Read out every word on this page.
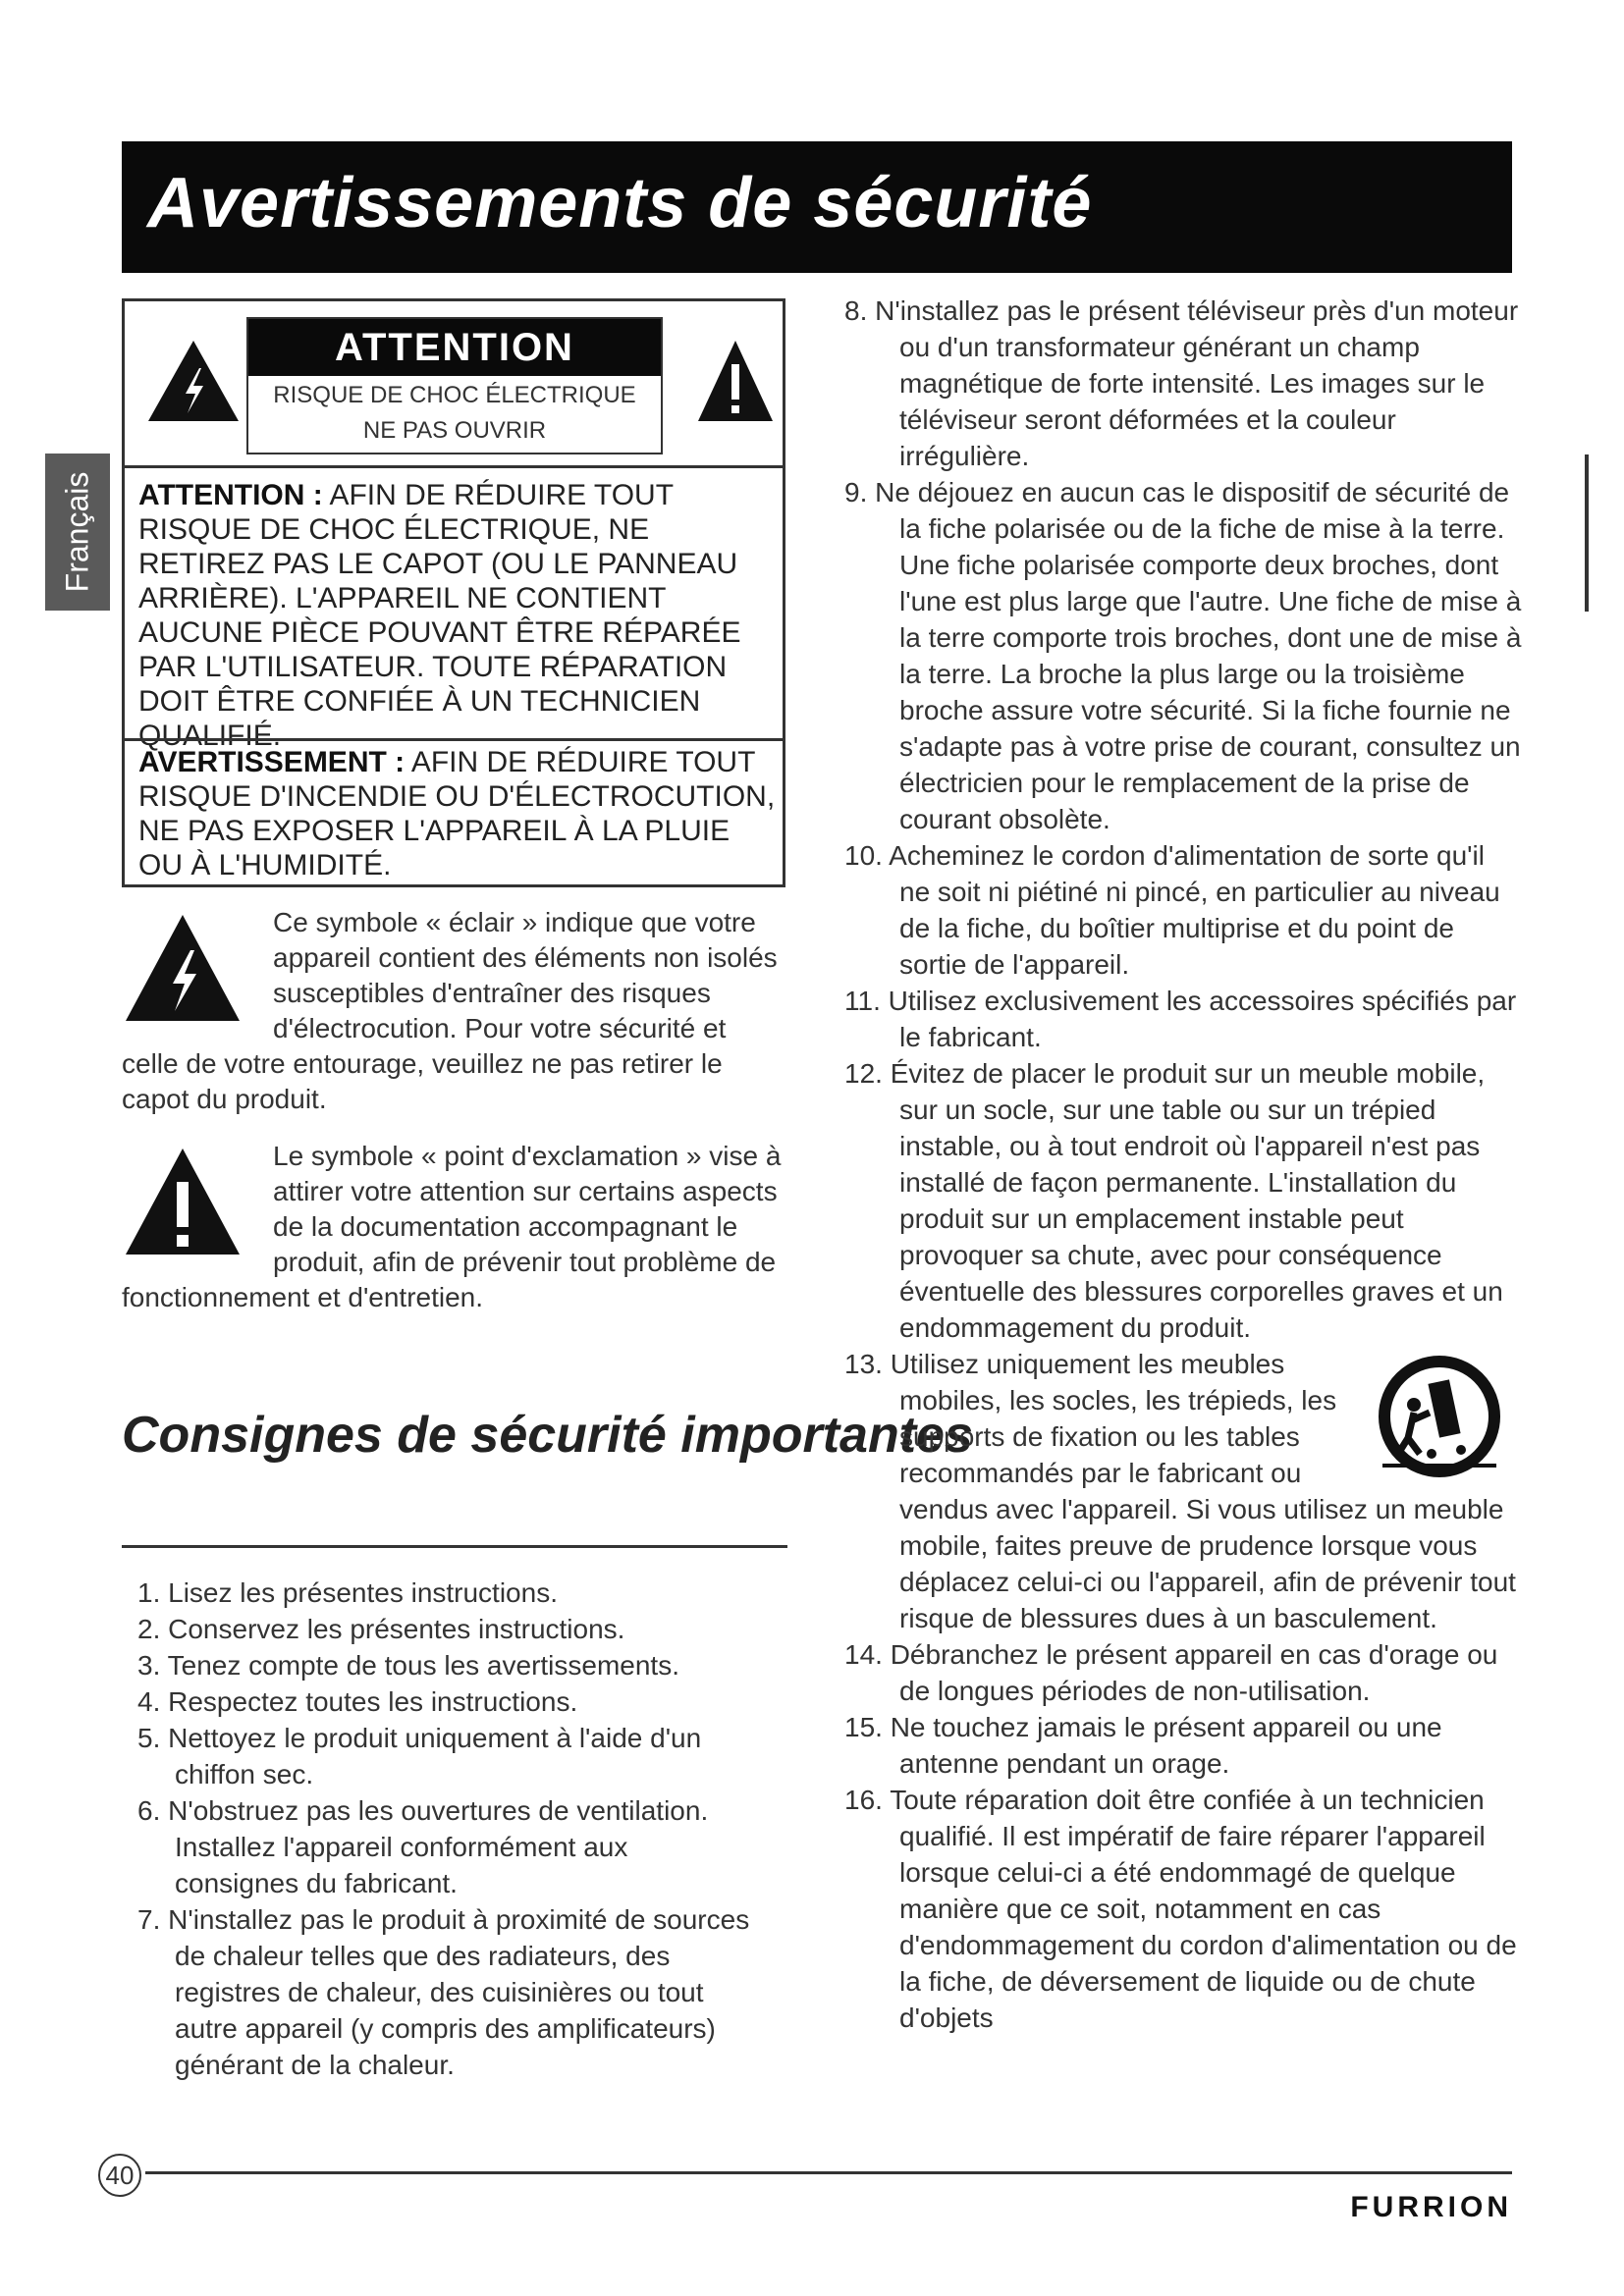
Avertissements de sécurité
Français
ATTENTION
RISQUE DE CHOC ÉLECTRIQUE
NE PAS OUVRIR

ATTENTION : AFIN DE RÉDUIRE TOUT RISQUE DE CHOC ÉLECTRIQUE, NE RETIREZ PAS LE CAPOT (OU LE PANNEAU ARRIÈRE). L'APPAREIL NE CONTIENT AUCUNE PIÈCE POUVANT ÊTRE RÉPARÉE PAR L'UTILISATEUR. TOUTE RÉPARATION DOIT ÊTRE CONFIÉE À UN TECHNICIEN QUALIFIÉ.

AVERTISSEMENT : AFIN DE RÉDUIRE TOUT RISQUE D'INCENDIE OU D'ÉLECTROCUTION, NE PAS EXPOSER L'APPAREIL À LA PLUIE OU À L'HUMIDITÉ.

Ce symbole « éclair » indique que votre appareil contient des éléments non isolés susceptibles d'entraîner des risques d'électrocution. Pour votre sécurité et celle de votre entourage, veuillez ne pas retirer le capot du produit.

Le symbole « point d'exclamation » vise à attirer votre attention sur certains aspects de la documentation accompagnant le produit, afin de prévenir tout problème de fonctionnement et d'entretien.

Consignes de sécurité importantes
1. Lisez les présentes instructions.
2. Conservez les présentes instructions.
3. Tenez compte de tous les avertissements.
4. Respectez toutes les instructions.
5. Nettoyez le produit uniquement à l'aide d'un chiffon sec.
6. N'obstruez pas les ouvertures de ventilation. Installez l'appareil conformément aux consignes du fabricant.
7. N'installez pas le produit à proximité de sources de chaleur telles que des radiateurs, des registres de chaleur, des cuisinières ou tout autre appareil (y compris des amplificateurs) générant de la chaleur.
8. N'installez pas le présent téléviseur près d'un moteur ou d'un transformateur générant un champ magnétique de forte intensité. Les images sur le téléviseur seront déformées et la couleur irrégulière.
9. Ne déjouez en aucun cas le dispositif de sécurité de la fiche polarisée ou de la fiche de mise à la terre. Une fiche polarisée comporte deux broches, dont l'une est plus large que l'autre. Une fiche de mise à la terre comporte trois broches, dont une de mise à la terre. La broche la plus large ou la troisième broche assure votre sécurité. Si la fiche fournie ne s'adapte pas à votre prise de courant, consultez un électricien pour le remplacement de la prise de courant obsolète.
10. Acheminez le cordon d'alimentation de sorte qu'il ne soit ni piétiné ni pincé, en particulier au niveau de la fiche, du boîtier multiprise et du point de sortie de l'appareil.
11. Utilisez exclusivement les accessoires spécifiés par le fabricant.
12. Évitez de placer le produit sur un meuble mobile, sur un socle, sur une table ou sur un trépied instable, ou à tout endroit où l'appareil n'est pas installé de façon permanente. L'installation du produit sur un emplacement instable peut provoquer sa chute, avec pour conséquence éventuelle des blessures corporelles graves et un endommagement du produit.
13. Utilisez uniquement les meubles mobiles, les socles, les trépieds, les supports de fixation ou les tables recommandés par le fabricant ou vendus avec l'appareil. Si vous utilisez un meuble mobile, faites preuve de prudence lorsque vous déplacez celui-ci ou l'appareil, afin de prévenir tout risque de blessures dues à un basculement.
14. Débranchez le présent appareil en cas d'orage ou de longues périodes de non-utilisation.
15. Ne touchez jamais le présent appareil ou une antenne pendant un orage.
16. Toute réparation doit être confiée à un technicien qualifié. Il est impératif de faire réparer l'appareil lorsque celui-ci a été endommagé de quelque manière que ce soit, notamment en cas d'endommagement du cordon d'alimentation ou de la fiche, de déversement de liquide ou de chute d'objets
40
FURRION
